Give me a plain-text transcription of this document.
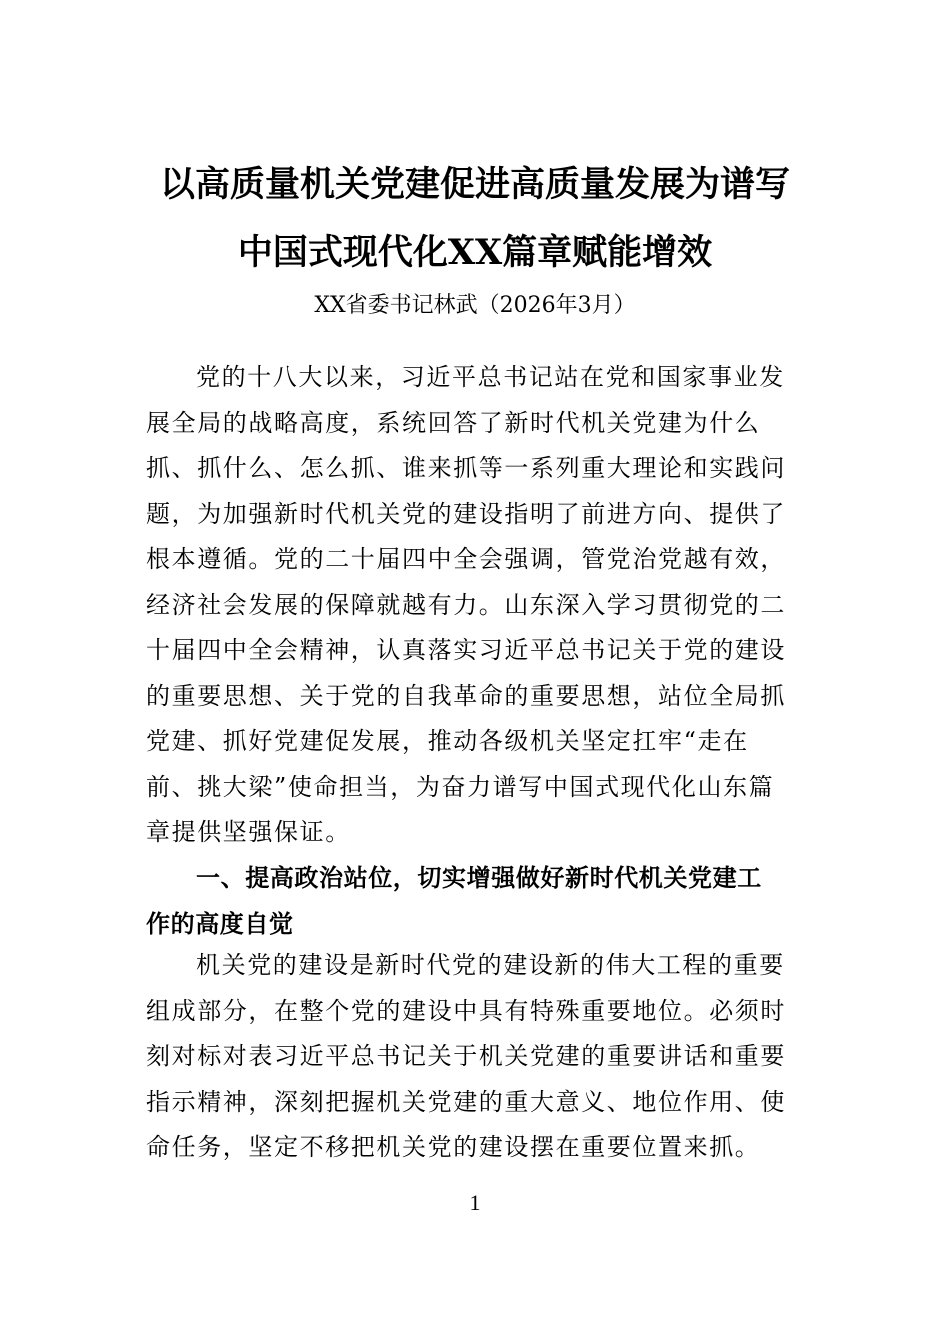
以高质量机关党建促进高质量发展为谱写
中国式现代化XX篇章赋能增效
XX省委书记林武（2026年3月）
党的十八大以来，习近平总书记站在党和国家事业发
展全局的战略高度，系统回答了新时代机关党建为什么
抓、抓什么、怎么抓、谁来抓等一系列重大理论和实践问
题，为加强新时代机关党的建设指明了前进方向、提供了
根本遵循。党的二十届四中全会强调，管党治党越有效，
经济社会发展的保障就越有力。山东深入学习贯彻党的二
十届四中全会精神，认真落实习近平总书记关于党的建设
的重要思想、关于党的自我革命的重要思想，站位全局抓
党建、抓好党建促发展，推动各级机关坚定扛牢“走在
前、挑大梁”使命担当，为奋力谱写中国式现代化山东篇
章提供坚强保证。
一、提高政治站位，切实增强做好新时代机关党建工
作的高度自觉
机关党的建设是新时代党的建设新的伟大工程的重要
组成部分，在整个党的建设中具有特殊重要地位。必须时
刻对标对表习近平总书记关于机关党建的重要讲话和重要
指示精神，深刻把握机关党建的重大意义、地位作用、使
命任务，坚定不移把机关党的建设摆在重要位置来抓。
1
